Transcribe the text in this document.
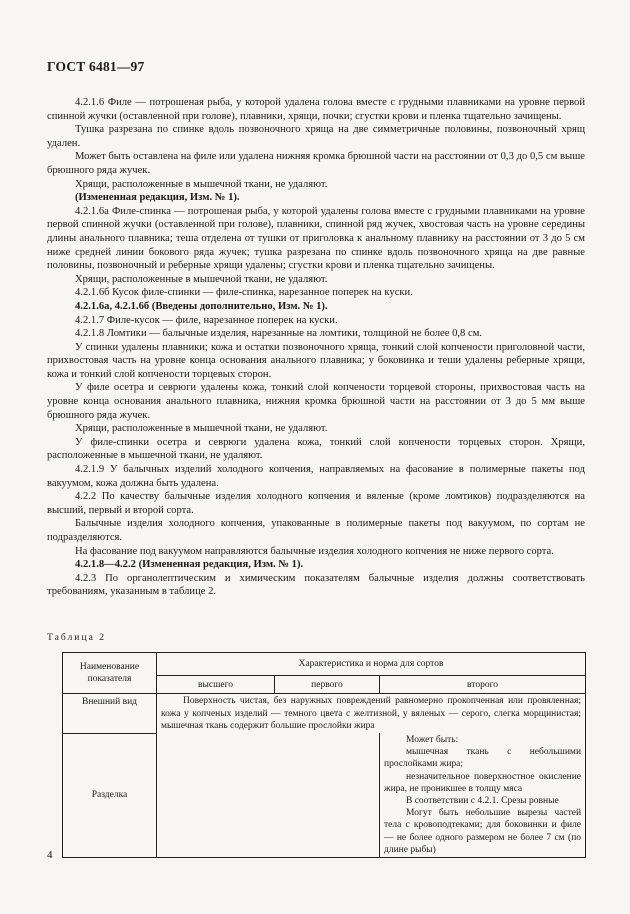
ГОСТ 6481—97

4.2.1.6 Филе — потрошеная рыба, у которой удалена голова вместе с грудными плавниками на уровне первой спинной жучки (оставленной при голове), плавники, хрящи, почки; сгустки крови и пленка тщательно зачищены.

Тушка разрезана по спинке вдоль позвоночного хряща на две симметричные половины, позвоночный хрящ удален.

Может быть оставлена на филе или удалена нижняя кромка брюшной части на расстоянии от 0,3 до 0,5 см выше брюшного ряда жучек.

Хрящи, расположенные в мышечной ткани, не удаляют.

(Измененная редакция, Изм. № 1).

4.2.1.6а Филе-спинка — потрошеная рыба, у которой удалены голова вместе с грудными плавниками на уровне первой спинной жучки (оставленной при голове), плавники, спинной ряд жучек, хвостовая часть на уровне середины длины анального плавника; теша отделена от тушки от приголовка к анальному плавнику на расстоянии от 3 до 5 см ниже средней линии бокового ряда жучек; тушка разрезана по спинке вдоль позвоночного хряща на две равные половины, позвоночный и реберные хрящи удалены; сгустки крови и пленка тщательно зачищены.

Хрящи, расположенные в мышечной ткани, не удаляют.

4.2.1.6б Кусок филе-спинки — филе-спинка, нарезанное поперек на куски.

4.2.1.6а, 4.2.1.6б (Введены дополнительно, Изм. № 1).

4.2.1.7 Филе-кусок — филе, нарезанное поперек на куски.

4.2.1.8 Ломтики — балычные изделия, нарезанные на ломтики, толщиной не более 0,8 см.

У спинки удалены плавники; кожа и остатки позвоночного хряща, тонкий слой копчености приголовной части, прихвостовая часть на уровне конца основания анального плавника; у боковинка и теши удалены реберные хрящи, кожа и тонкий слой копчености торцевых сторон.

У филе осетра и севрюги удалены кожа, тонкий слой копчености торцевой стороны, прихвостовая часть на уровне конца основания анального плавника, нижняя кромка брюшной части на расстоянии от 3 до 5 мм выше брюшного ряда жучек.

Хрящи, расположенные в мышечной ткани, не удаляют.

У филе-спинки осетра и севрюги удалена кожа, тонкий слой копчености торцевых сторон. Хрящи, расположенные в мышечной ткани, не удаляют.

4.2.1.9 У балычных изделий холодного копчения, направляемых на фасование в полимерные пакеты под вакуумом, кожа должна быть удалена.

4.2.2 По качеству балычные изделия холодного копчения и вяленые (кроме ломтиков) подразделяются на высший, первый и второй сорта.

Балычные изделия холодного копчения, упакованные в полимерные пакеты под вакуумом, по сортам не подразделяются.

На фасование под вакуумом направляются балычные изделия холодного копчения не ниже первого сорта.

4.2.1.8—4.2.2 (Измененная редакция, Изм. № 1).

4.2.3 По органолептическим и химическим показателям балычные изделия должны соответствовать требованиям, указанным в таблице 2.

Таблица 2
Наименование показателя	Характеристика и норма для сортов		
	высшего	первого	второго
Внешний вид	Поверхность чистая, без наружных повреждений равномерно прокопченная или провяленная; кожа у копченых изделий — темного цвета с желтизной, у вяленых — серого, слегка морщинистая; мышечная ткань содержит большие прослойки жира		

Разделка			Может быть:
мышечная ткань с небольшими прослойками жира;
незначительное поверхностное окисление жира, не проникшее в толщу мяса
В соответствии с 4.2.1. Срезы ровные
Могут быть небольшие вырезы частей тела с кровоподтеками; для боковинки и филе — не более одного размером не более 7 см (по длине рыбы)
4
